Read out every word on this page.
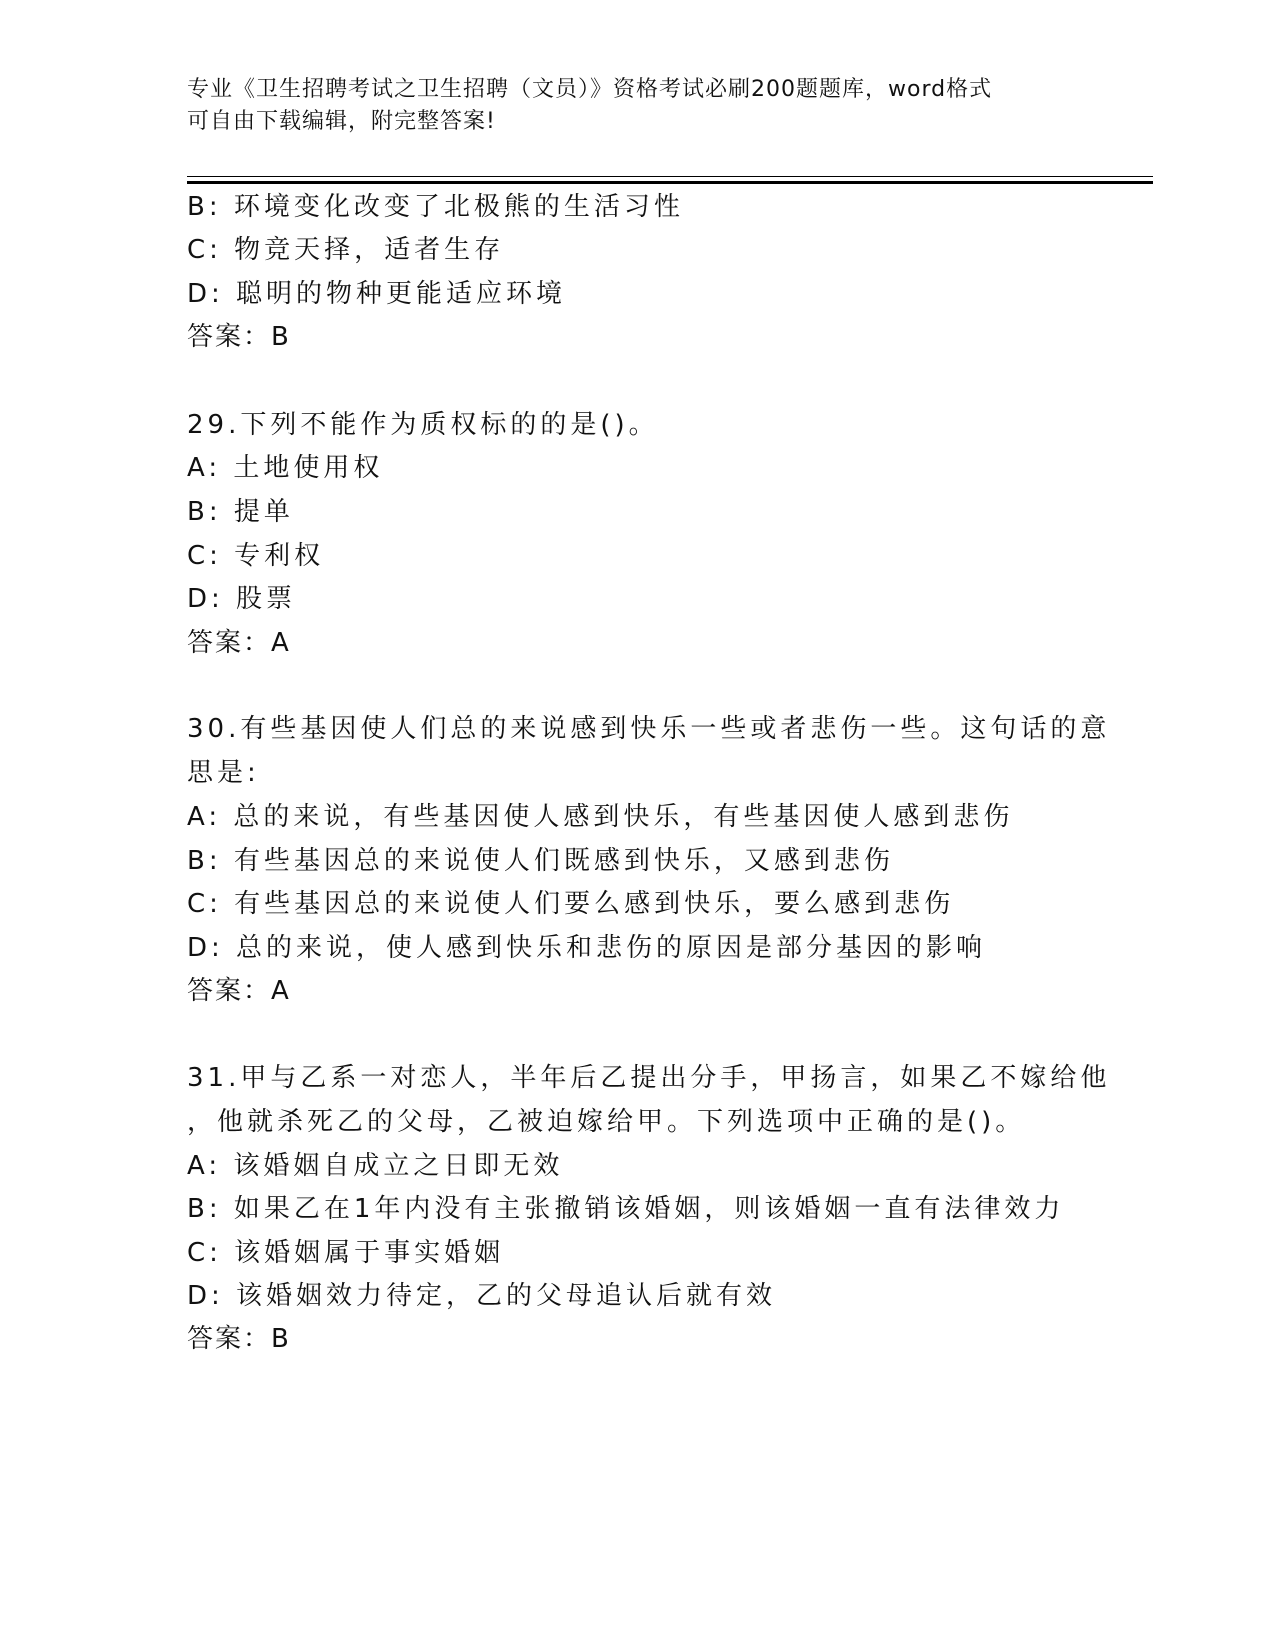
专业《卫生招聘考试之卫生招聘（文员）》资格考试必刷200题题库，word格式
可自由下载编辑，附完整答案!
B: 环境变化改变了北极熊的生活习性
C: 物竞天择，适者生存
D: 聪明的物种更能适应环境
答案：B
29.下列不能作为质权标的的是()。
A: 土地使用权
B: 提单
C: 专利权
D: 股票
答案：A
30.有些基因使人们总的来说感到快乐一些或者悲伤一些。这句话的意
思是:
A: 总的来说，有些基因使人感到快乐，有些基因使人感到悲伤
B: 有些基因总的来说使人们既感到快乐，又感到悲伤
C: 有些基因总的来说使人们要么感到快乐，要么感到悲伤
D: 总的来说，使人感到快乐和悲伤的原因是部分基因的影响
答案：A
31.甲与乙系一对恋人，半年后乙提出分手，甲扬言，如果乙不嫁给他
，他就杀死乙的父母，乙被迫嫁给甲。下列选项中正确的是()。
A: 该婚姻自成立之日即无效
B: 如果乙在1年内没有主张撤销该婚姻，则该婚姻一直有法律效力
C: 该婚姻属于事实婚姻
D: 该婚姻效力待定，乙的父母追认后就有效
答案：B
